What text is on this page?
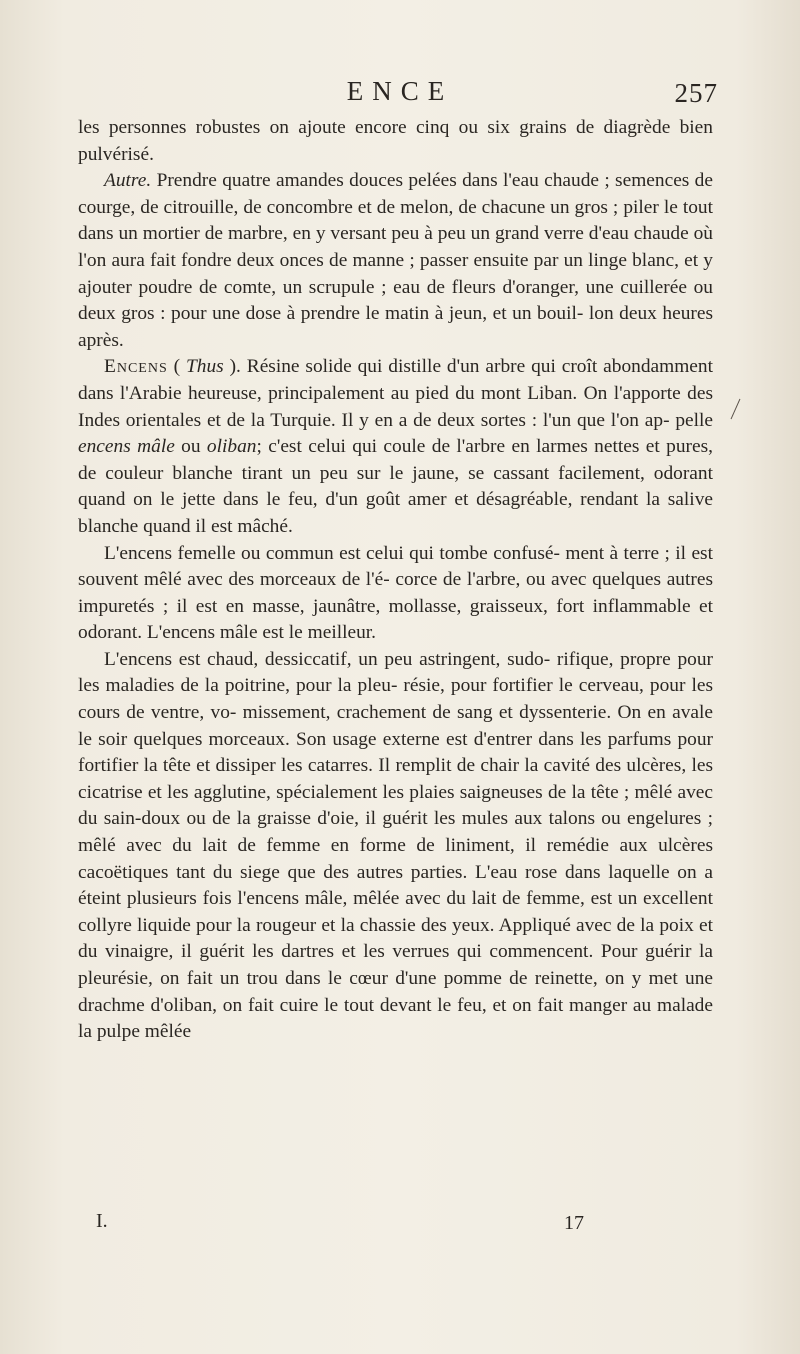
ENCE	257

les personnes robustes on ajoute encore cinq ou six grains de diagrède bien pulvérisé.

Autre. Prendre quatre amandes douces pelées dans l'eau chaude ; semences de courge, de citrouille, de concombre et de melon, de chacune un gros ; piler le tout dans un mortier de marbre, en y versant peu à peu un grand verre d'eau chaude où l'on aura fait fondre deux onces de manne ; passer ensuite par un linge blanc, et y ajouter poudre de comte, un scrupule ; eau de fleurs d'oranger, une cuillerée ou deux gros : pour une dose à prendre le matin à jeun, et un bouil- lon deux heures après.

Encens ( Thus ). Résine solide qui distille d'un arbre qui croît abondamment dans l'Arabie heureuse, principalement au pied du mont Liban. On l'apporte des Indes orientales et de la Turquie. Il y en a de deux sortes : l'un que l'on ap- pelle encens mâle ou oliban; c'est celui qui coule de l'arbre en larmes nettes et pures, de couleur blanche tirant un peu sur le jaune, se cassant facilement, odorant quand on le jette dans le feu, d'un goût amer et désagréable, rendant la salive blanche quand il est mâché.

L'encens femelle ou commun est celui qui tombe confusé- ment à terre ; il est souvent mêlé avec des morceaux de l'é- corce de l'arbre, ou avec quelques autres impuretés ; il est en masse, jaunâtre, mollasse, graisseux, fort inflammable et odorant. L'encens mâle est le meilleur.

L'encens est chaud, dessiccatif, un peu astringent, sudo- rifique, propre pour les maladies de la poitrine, pour la pleu- résie, pour fortifier le cerveau, pour les cours de ventre, vo- missement, crachement de sang et dyssenterie. On en avale le soir quelques morceaux. Son usage externe est d'entrer dans les parfums pour fortifier la tête et dissiper les catarres. Il remplit de chair la cavité des ulcères, les cicatrise et les agglutine, spécialement les plaies saigneuses de la tête ; mêlé avec du sain-doux ou de la graisse d'oie, il guérit les mules aux talons ou engelures ; mêlé avec du lait de femme en forme de liniment, il remédie aux ulcères cacoëtiques tant du siege que des autres parties. L'eau rose dans laquelle on a éteint plusieurs fois l'encens mâle, mêlée avec du lait de femme, est un excellent collyre liquide pour la rougeur et la chassie des yeux. Appliqué avec de la poix et du vinaigre, il guérit les dartres et les verrues qui commencent. Pour guérir la pleurésie, on fait un trou dans le cœur d'une pomme de reinette, on y met une drachme d'oliban, on fait cuire le tout devant le feu, et on fait manger au malade la pulpe mêlée

I.	17
